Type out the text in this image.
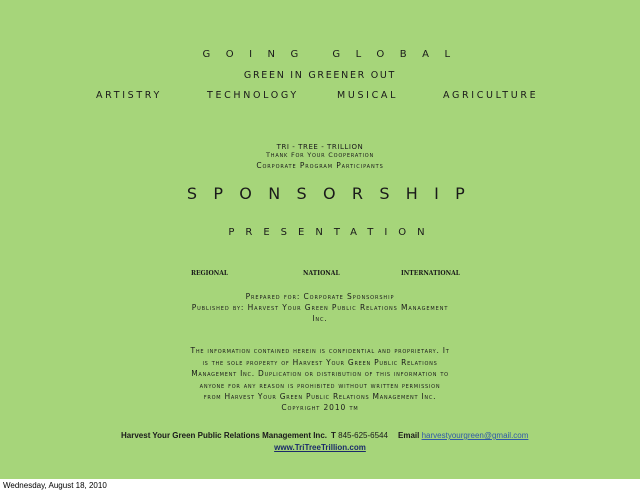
GOING GLOBAL
GREEN IN GREENER OUT
ARTISTRY	TECHNOLOGY	MUSICAL	AGRICULTURE
TRI - TREE - TRILLION
Thank For Your Cooperation
Corporate Program Participants
SPONSORSHIP
PRESENTATION
REGIONAL	NATIONAL	INTERNATIONAL
Prepared for: Corporate Sponsorship
Published by: Harvest Your Green Public Relations Management
Inc.
The information contained herein is confidential and proprietary. It
is the sole property of Harvest Your Green Public Relations
Management Inc. Duplication or distribution of this information to
anyone for any reason is prohibited without written permission
from Harvest Your Green Public Relations Management Inc.
Copyright 2010 tm
Harvest Your Green Public Relations Management Inc. T 845-625-6544 Email harvestyourgreen@gmail.com
www.TriTreeTrillion.com
Wednesday, August 18, 2010
